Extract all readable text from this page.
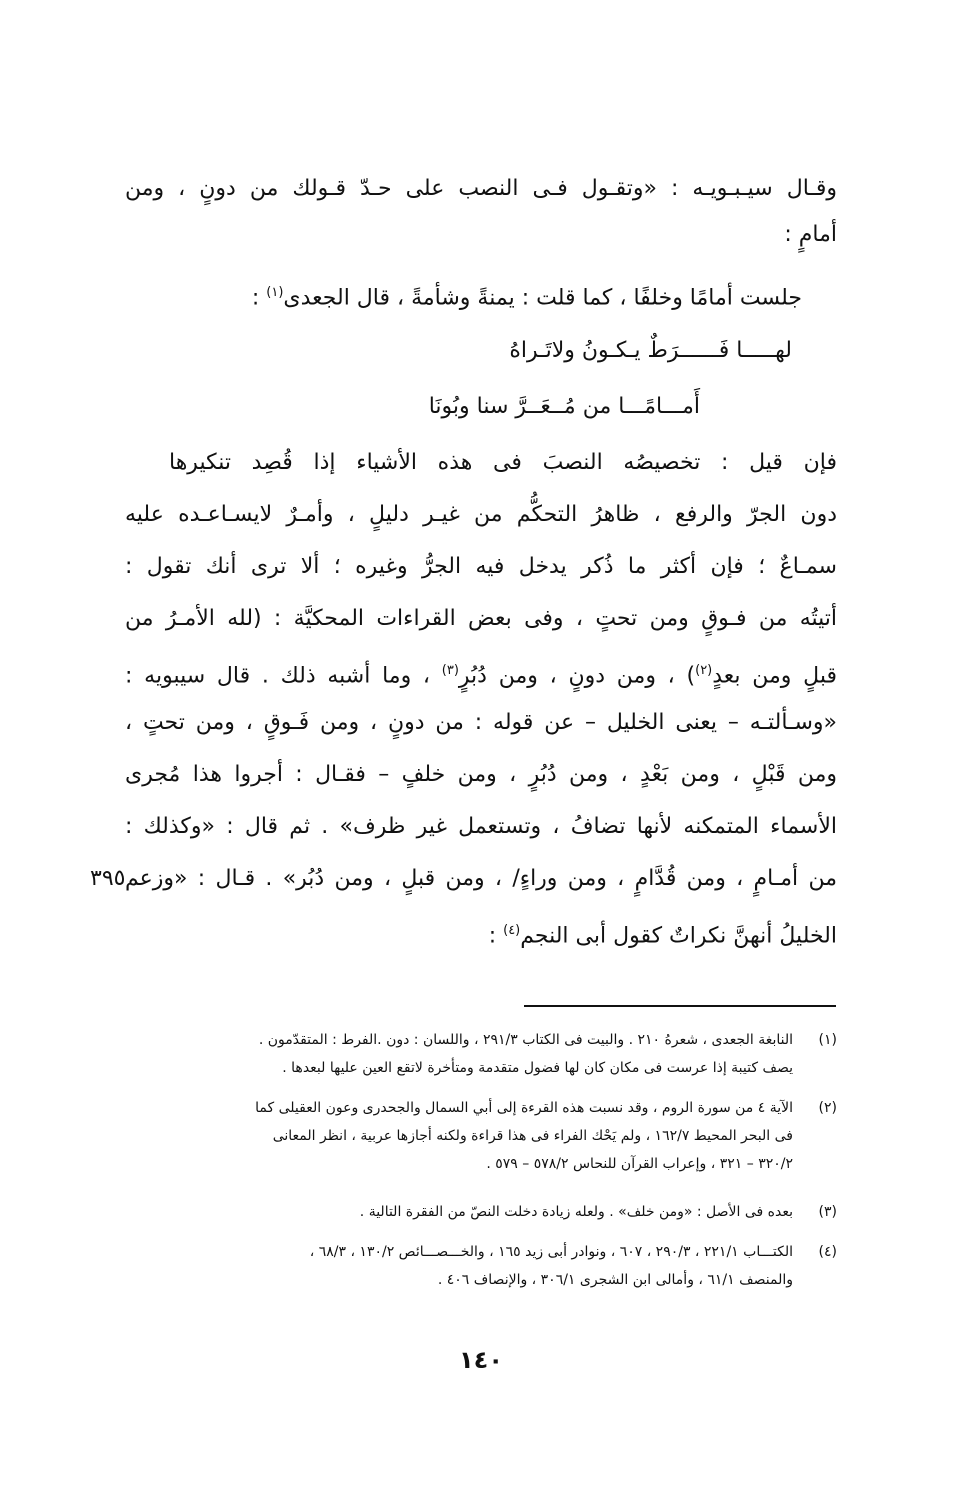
وقـال سيـبـويـه : «وتقـول فـى النصب على حـدّ قـولك من دونٍ ، ومن
أمامٍ :
جلست أمامًا وخلفًا ، كما قلت : يمنةً وشأمةً ، قال الجعدى$^{(١)}$ :
لهـــــا فَــــــرَطٌ يـكـونُ ولاتَـراهُ
أَمـــامًـــا من مُــعَــرَّ سنا وبُونَا
فإن قيل : تخصيصُه النصبَ فى هذه الأشياء إذا قُصِد تنكيرها
دون الجرّ والرفع ، ظاهرُ التحكُّم من غيـر دليلٍ ، وأمـرٌ لايسـاعـده عليه
سمـاعٌ ؛ فإن أكثر ما ذُكر يدخل فيه الجرُّ وغيره ؛ ألا ترى أنك تقول :
أتيتُه من فـوقٍ ومن تحتٍ ، وفى بعض القراءات المحكيَّة : (لله الأمـرُ من
قبلٍ ومن بعدٍ$^{(٢)}$) ، ومن دونٍ ، ومن دُبُرٍ$^{(٣)}$ ، وما أشبه ذلك . قال سيبويه :
«وسـألتـه – يعنى الخليل – عن قوله : من دونٍ ، ومن فَـوقٍ ، ومن تحتٍ ،
ومن قَبْلٍ ، ومن بَعْدٍ ، ومن دُبُرٍ ، ومن خلفٍ – فقـال : أجروا هذا مُجرى
الأسماء المتمكنه لأنها تضافُ ، وتستعمل غير ظرف» . ثم قال : «وكذلك :
من أمـامٍ ، ومن قُدَّامٍ ، ومن وراءٍ/ ، ومن قبلٍ ، ومن دُبُر» . قـال : «وزعم
٣٩٥
الخليلُ أنهنَّ نكراتٌ كقول أبى النجم$^{(٤)}$ :
(١)
النابغة الجعدى ، شعرهُ ٢١٠ . والبيت فى الكتاب ٢٩١/٣ ، واللسان : دون .الفرط : المتقدّمون .
يصف كتيبة إذا عرست فى مكان كان لها فضول متقدمة ومتأخرة لاتقع العين عليها لبعدها .
(٢)
الآية ٤ من سورة الروم ، وقد نسبت هذه القرءة إلى أبي السمال والجحدرى وعون العقيلى كما
فى البحر المحيط ١٦٢/٧ ، ولم يَحْك الفراء فى هذا قراءة ولكنه أجازها عربية ، انظر المعانى
٣٢٠/٢ – ٣٢١ ، وإعراب القرآن للنحاس ٥٧٨/٢ – ٥٧٩ .
(٣)
بعده فى الأصل : «ومن خلف» . ولعله زيادة دخلت النصّ من الفقرة التالية .
(٤)
الكتـــاب ٢٢١/١ ، ٢٩٠/٣ ، ٦٠٧ ، ونوادر أبى زيد ١٦٥ ، والخـــصـــائص ١٣٠/٢ ، ٦٨/٣ ،
والمنصف ٦١/١ ، وأمالى ابن الشجرى ٣٠٦/١ ، والإنصاف ٤٠٦ .
١٤٠
